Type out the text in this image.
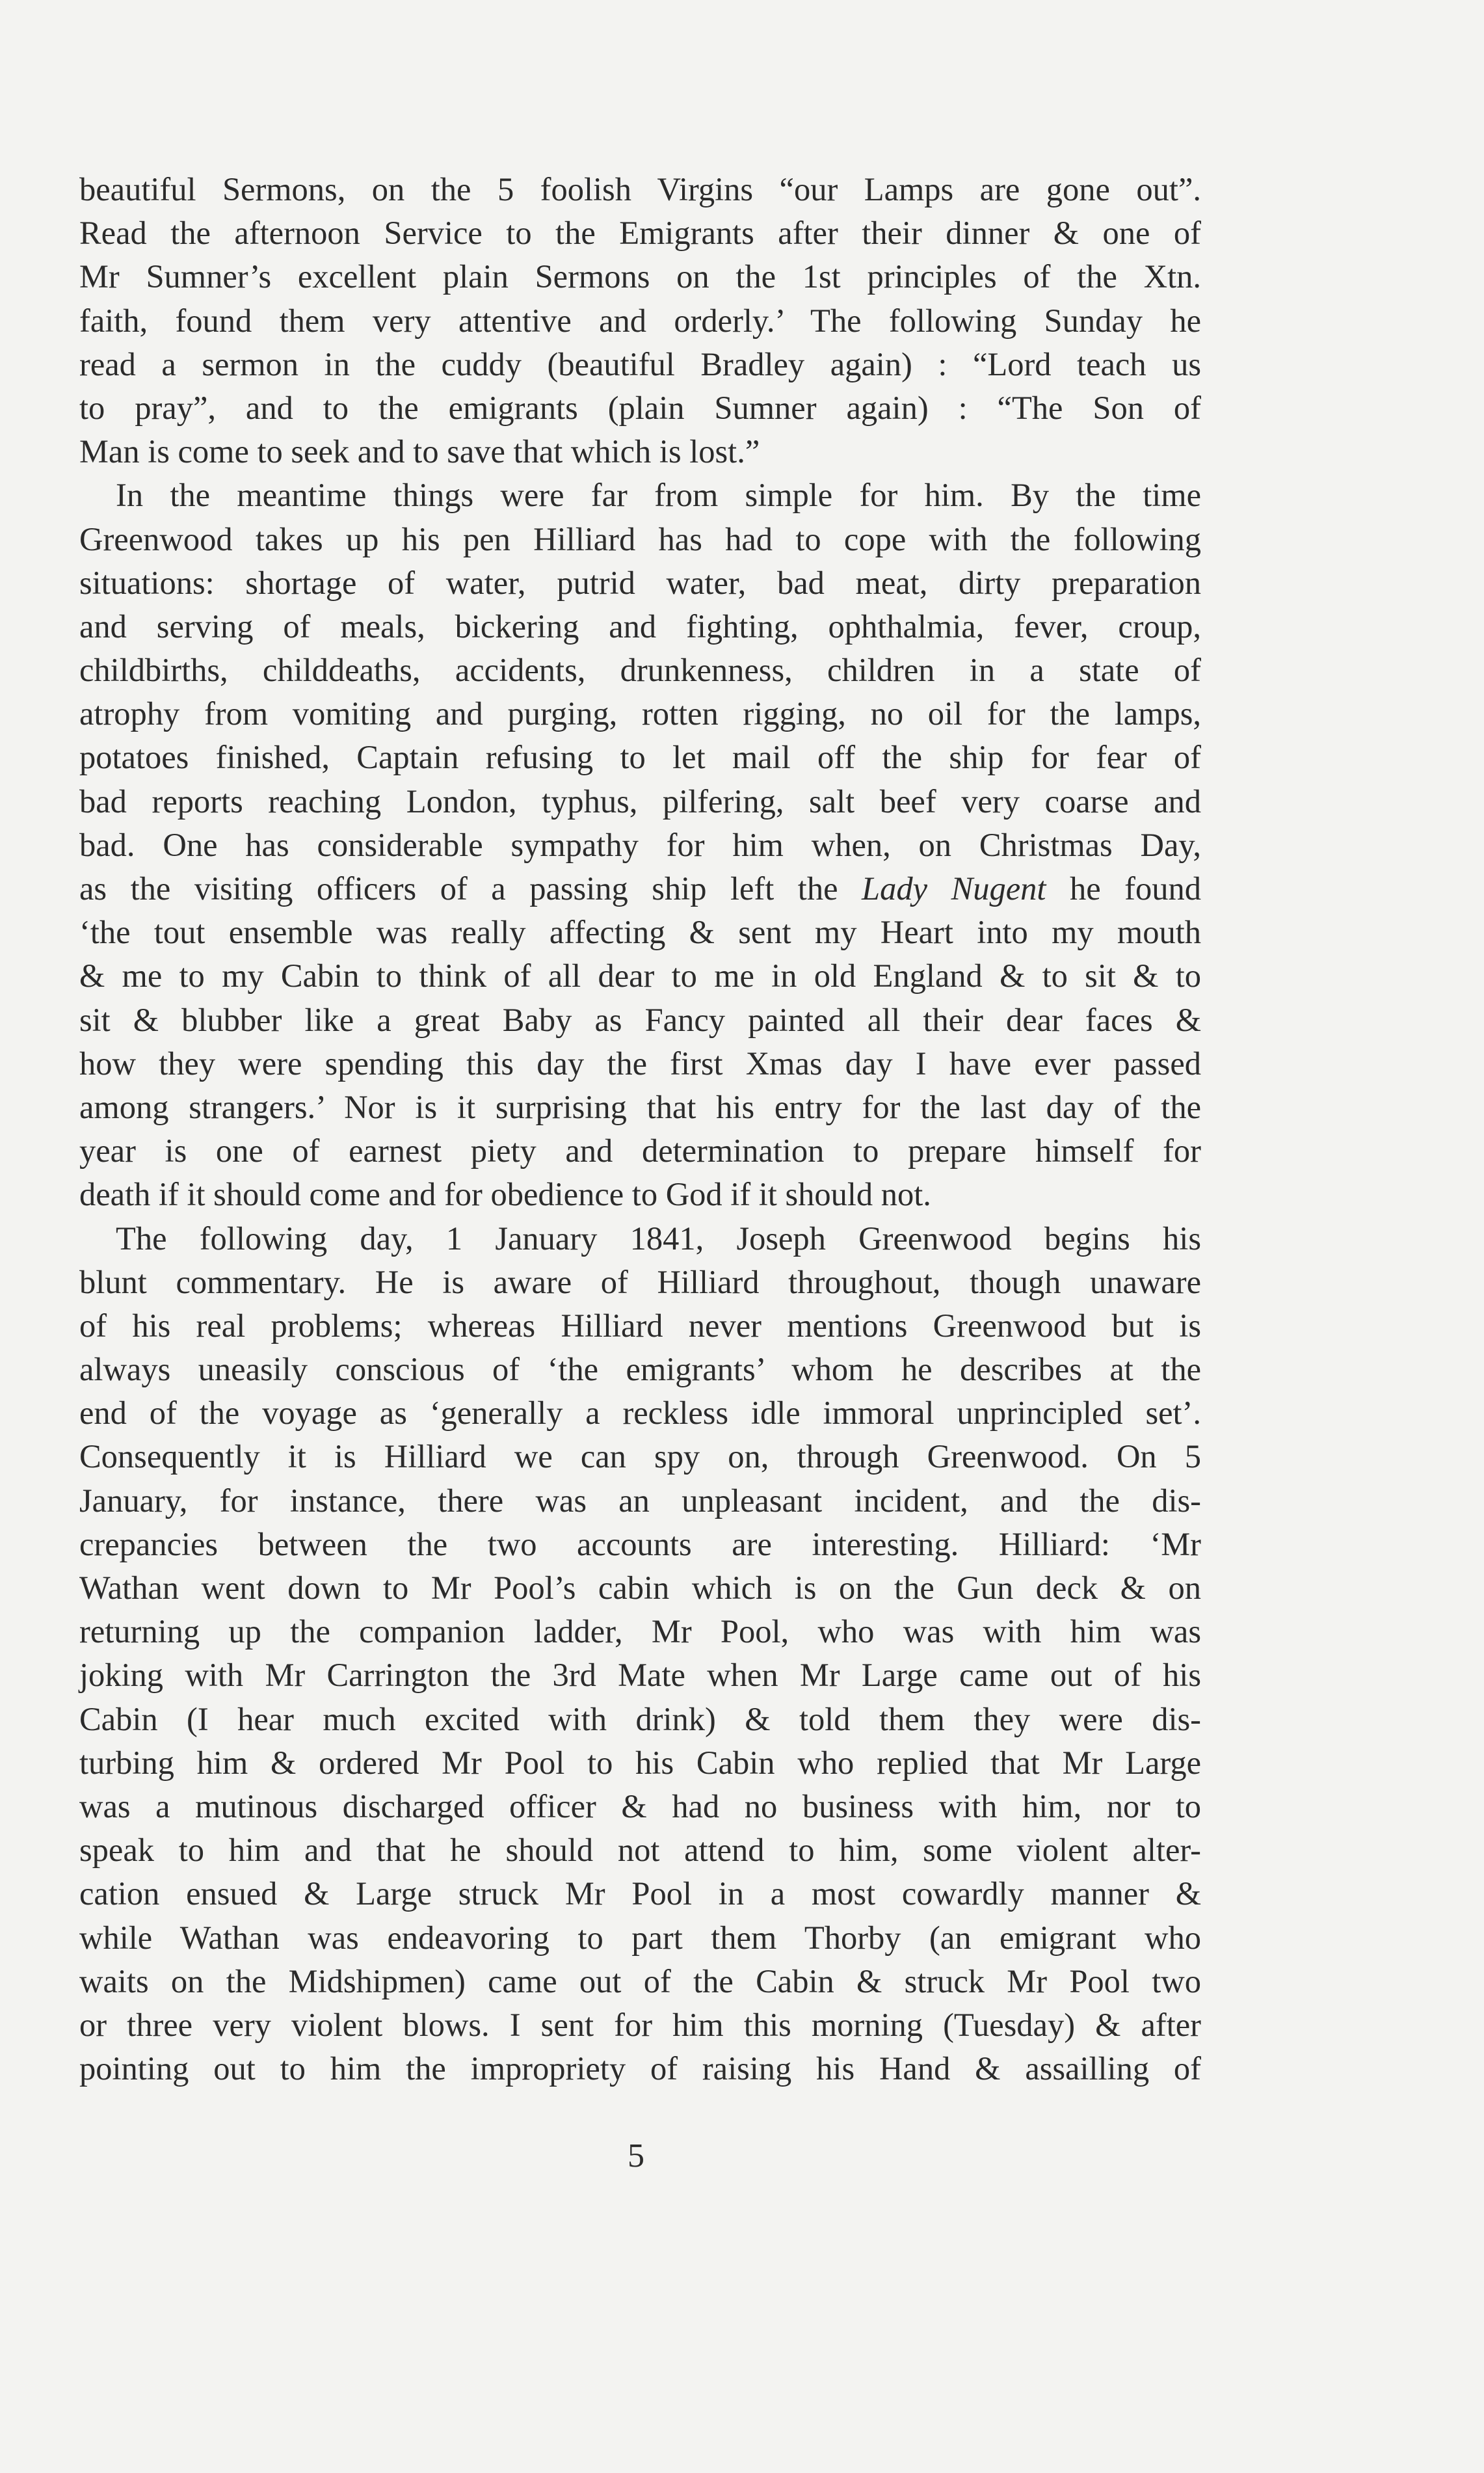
beautiful Sermons, on the 5 foolish Virgins “our Lamps are gone out”.
Read the afternoon Service to the Emigrants after their dinner & one of
Mr Sumner’s excellent plain Sermons on the 1st principles of the Xtn.
faith, found them very attentive and orderly.’ The following Sunday he
read a sermon in the cuddy (beautiful Bradley again) : “Lord teach us
to pray”, and to the emigrants (plain Sumner again) : “The Son of
Man is come to seek and to save that which is lost.”
In the meantime things were far from simple for him. By the time
Greenwood takes up his pen Hilliard has had to cope with the following
situations: shortage of water, putrid water, bad meat, dirty preparation
and serving of meals, bickering and fighting, ophthalmia, fever, croup,
childbirths, childdeaths, accidents, drunkenness, children in a state of
atrophy from vomiting and purging, rotten rigging, no oil for the lamps,
potatoes finished, Captain refusing to let mail off the ship for fear of
bad reports reaching London, typhus, pilfering, salt beef very coarse and
bad. One has considerable sympathy for him when, on Christmas Day,
as the visiting officers of a passing ship left the Lady Nugent he found
‘the tout ensemble was really affecting & sent my Heart into my mouth
& me to my Cabin to think of all dear to me in old England & to sit & to
sit & blubber like a great Baby as Fancy painted all their dear faces &
how they were spending this day the first Xmas day I have ever passed
among strangers.’ Nor is it surprising that his entry for the last day of the
year is one of earnest piety and determination to prepare himself for
death if it should come and for obedience to God if it should not.
The following day, 1 January 1841, Joseph Greenwood begins his
blunt commentary. He is aware of Hilliard throughout, though unaware
of his real problems; whereas Hilliard never mentions Greenwood but is
always uneasily conscious of ‘the emigrants’ whom he describes at the
end of the voyage as ‘generally a reckless idle immoral unprincipled set’.
Consequently it is Hilliard we can spy on, through Greenwood. On 5
January, for instance, there was an unpleasant incident, and the dis-
crepancies between the two accounts are interesting. Hilliard: ‘Mr
Wathan went down to Mr Pool’s cabin which is on the Gun deck & on
returning up the companion ladder, Mr Pool, who was with him was
joking with Mr Carrington the 3rd Mate when Mr Large came out of his
Cabin (I hear much excited with drink) & told them they were dis-
turbing him & ordered Mr Pool to his Cabin who replied that Mr Large
was a mutinous discharged officer & had no business with him, nor to
speak to him and that he should not attend to him, some violent alter-
cation ensued & Large struck Mr Pool in a most cowardly manner &
while Wathan was endeavoring to part them Thorby (an emigrant who
waits on the Midshipmen) came out of the Cabin & struck Mr Pool two
or three very violent blows. I sent for him this morning (Tuesday) & after
pointing out to him the impropriety of raising his Hand & assailling of
5
